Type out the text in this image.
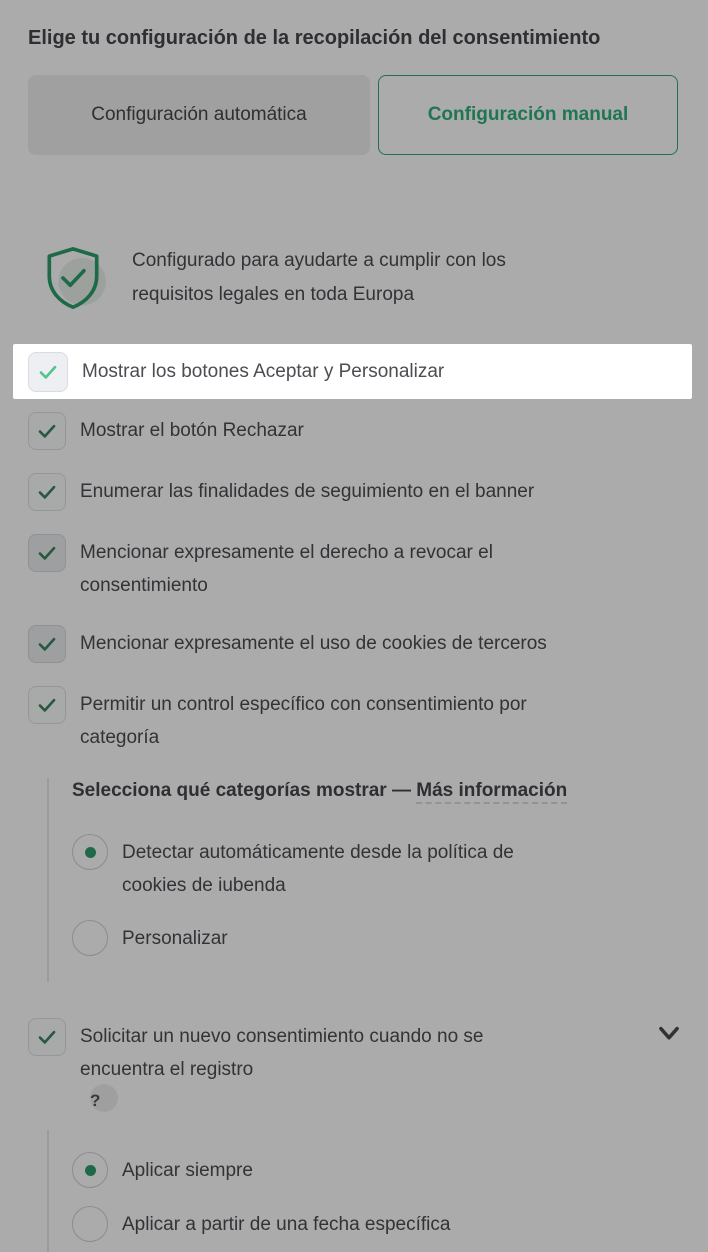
Elige tu configuración de la recopilación del consentimiento
Configuración automática	Configuración manual
Configurado para ayudarte a cumplir con los
requisitos legales en toda Europa
Mostrar los botones Aceptar y Personalizar
Mostrar el botón Rechazar
Enumerar las finalidades de seguimiento en el banner
Mencionar expresamente el derecho a revocar el
consentimiento
Mencionar expresamente el uso de cookies de terceros
Permitir un control específico con consentimiento por
categoría
Selecciona qué categorías mostrar — Más información
Detectar automáticamente desde la política de
cookies de iubenda
Personalizar
Solicitar un nuevo consentimiento cuando no se
encuentra el registro
?
Aplicar siempre
Aplicar a partir de una fecha específica
